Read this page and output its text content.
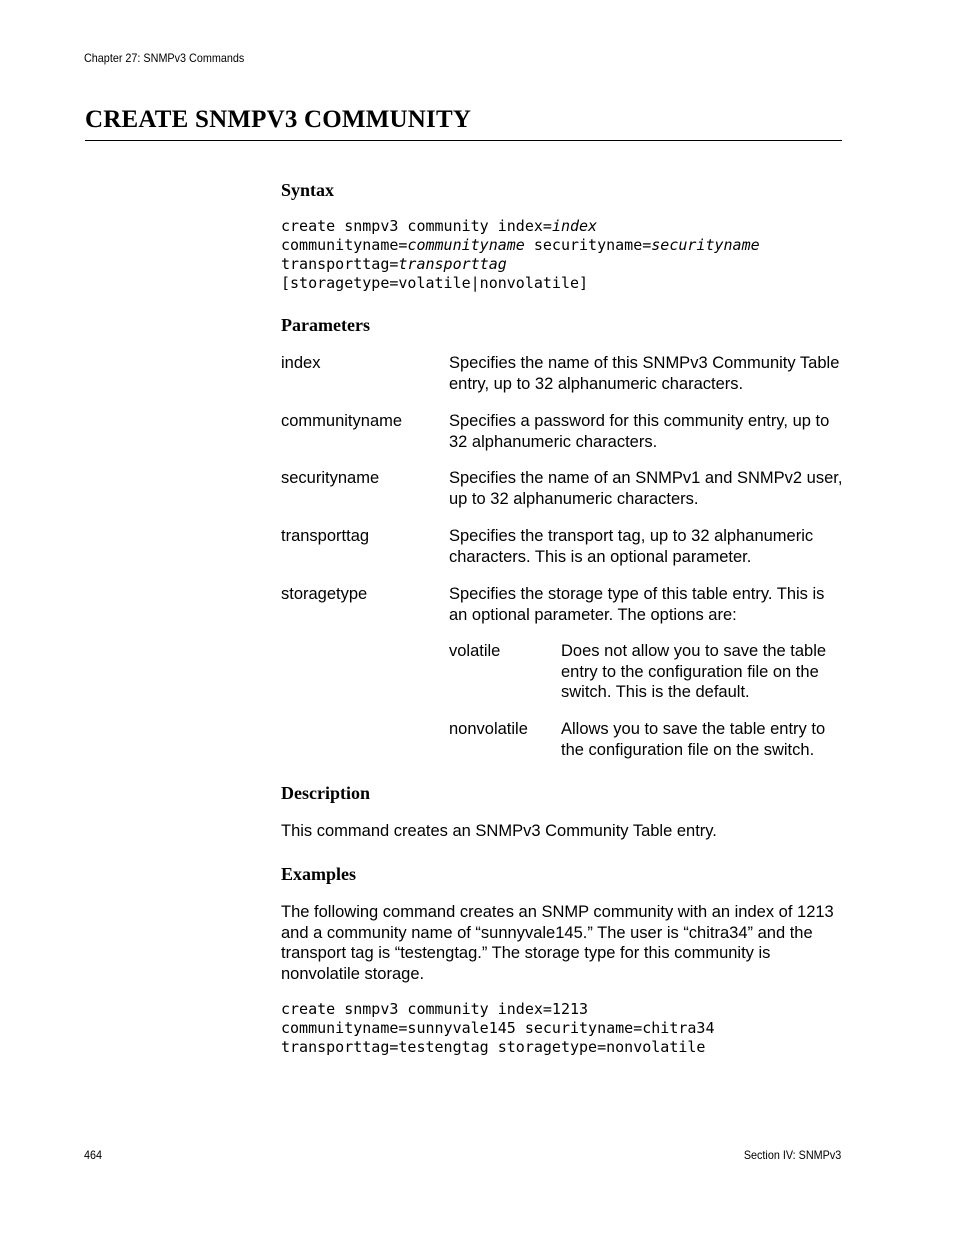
Chapter 27: SNMPv3 Commands
CREATE SNMPV3 COMMUNITY
Syntax
create snmpv3 community index=index
communityname=communityname securityname=securityname
transporttag=transporttag
[storagetype=volatile|nonvolatile]
Parameters
index	Specifies the name of this SNMPv3 Community Table entry, up to 32 alphanumeric characters.
communityname	Specifies a password for this community entry, up to 32 alphanumeric characters.
securityname	Specifies the name of an SNMPv1 and SNMPv2 user, up to 32 alphanumeric characters.
transporttag	Specifies the transport tag, up to 32 alphanumeric characters. This is an optional parameter.
storagetype	Specifies the storage type of this table entry. This is an optional parameter. The options are:
volatile	Does not allow you to save the table entry to the configuration file on the switch. This is the default.
nonvolatile Allows you to save the table entry to the configuration file on the switch.
Description
This command creates an SNMPv3 Community Table entry.
Examples
The following command creates an SNMP community with an index of 1213 and a community name of “sunnyvale145.” The user is “chitra34” and the transport tag is “testengtag.” The storage type for this community is nonvolatile storage.
create snmpv3 community index=1213
communityname=sunnyvale145 securityname=chitra34
transporttag=testengtag storagetype=nonvolatile
464	Section IV: SNMPv3
